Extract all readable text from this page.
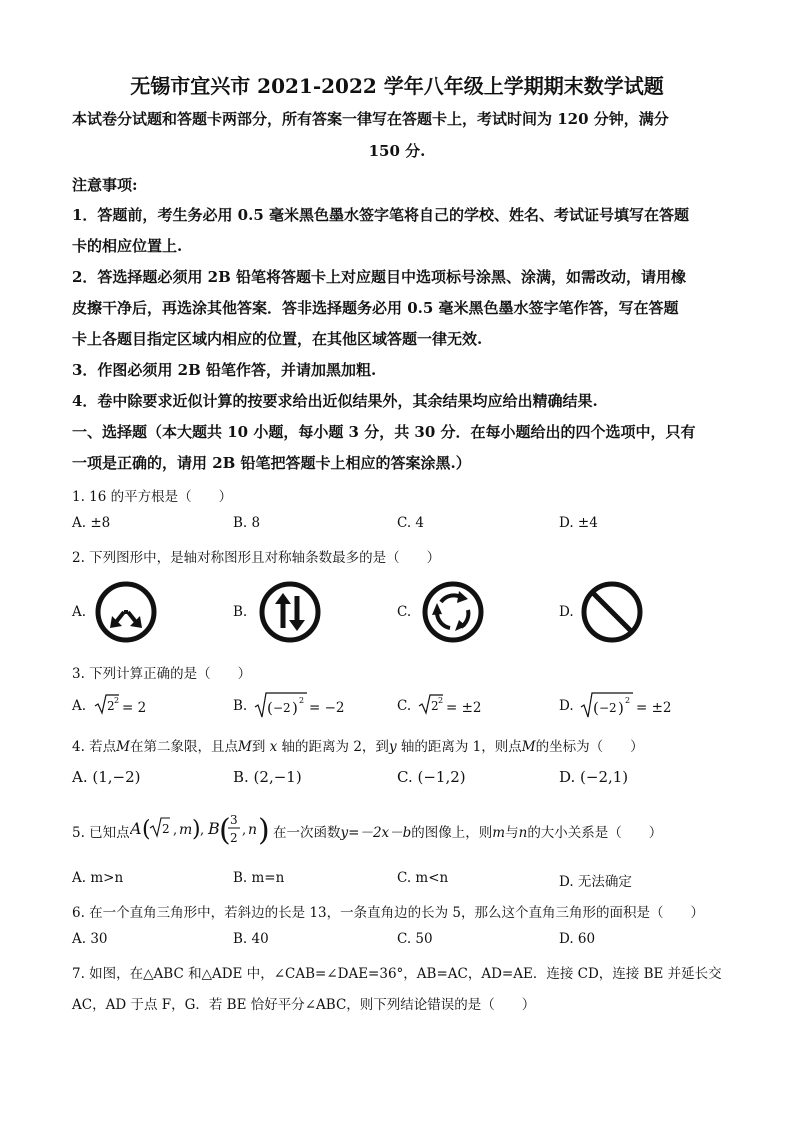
无锡市宜兴市 2021-2022 学年八年级上学期期末数学试题
本试卷分试题和答题卡两部分，所有答案一律写在答题卡上，考试时间为 120 分钟，满分
150 分.
注意事项:
1．答题前，考生务必用 0.5 毫米黑色墨水签字笔将自己的学校、姓名、考试证号填写在答题
卡的相应位置上.
2．答选择题必须用 2B 铅笔将答题卡上对应题目中选项标号涂黑、涂满，如需改动，请用橡
皮擦干净后，再选涂其他答案．答非选择题务必用 0.5 毫米黑色墨水签字笔作答，写在答题
卡上各题目指定区域内相应的位置，在其他区域答题一律无效.
3．作图必须用 2B 铅笔作答，并请加黑加粗.
4．卷中除要求近似计算的按要求给出近似结果外，其余结果均应给出精确结果.
一、选择题（本大题共 10 小题，每小题 3 分，共 30 分．在每小题给出的四个选项中，只有
一项是正确的，请用 2B 铅笔把答题卡上相应的答案涂黑.）
1. 16 的平方根是（　　）
A. ±8	B. 8	C. 4	D. ±4
2. 下列图形中，是轴对称图形且对称轴条数最多的是（　　）
A.	B.	C.	D.
3. 下列计算正确的是（　　）
A. 2 2 = 2	B. ( −2 ) 2 = −2	C. 2 2 = ±2	D. ( −2 ) 2 = ±2
4. 若点M在第二象限，且点M到 x 轴的距离为 2，到y 轴的距离为 1，则点M的坐标为（　　）
A. (1,−2)	B. (2,−1)	C. (−1,2)	D. (−2,1)
5. 已知点 A ( 2 , m ) , B ( 3
2 , n ) 在一次函数y=－2x－b的图像上，则m与n的大小关系是（　　）
A. m>n	B. m=n	C. m<n	D. 无法确定
6. 在一个直角三角形中，若斜边的长是 13，一条直角边的长为 5，那么这个直角三角形的面积是（　　）
A. 30	B. 40	C. 50	D. 60
7. 如图，在△ABC 和△ADE 中，∠CAB=∠DAE=36°，AB=AC，AD=AE．连接 CD，连接 BE 并延长交
AC，AD 于点 F，G．若 BE 恰好平分∠ABC，则下列结论错误的是（　　）
